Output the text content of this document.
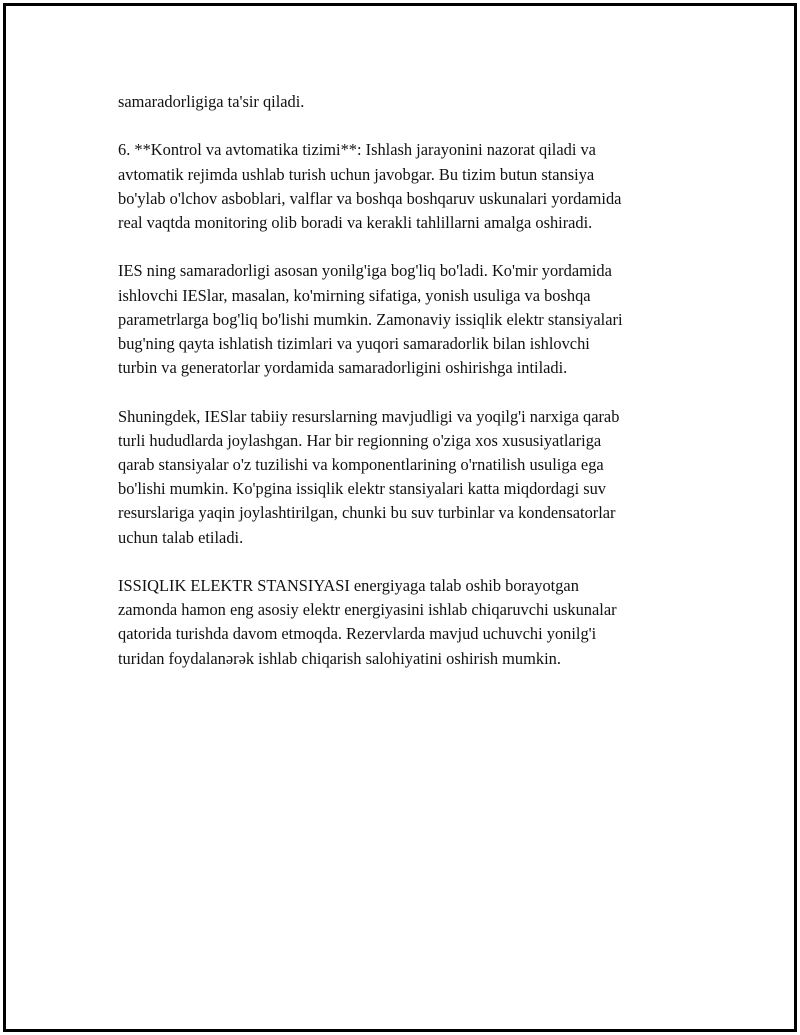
samaradorligiga ta'sir qiladi.

6. **Kontrol va avtomatika tizimi**: Ishlash jarayonini nazorat qiladi va
avtomatik rejimda ushlab turish uchun javobgar. Bu tizim butun stansiya
bo'ylab o'lchov asboblari, valflar va boshqa boshqaruv uskunalari yordamida
real vaqtda monitoring olib boradi va kerakli tahlillarni amalga oshiradi.

IES ning samaradorligi asosan yonilg'iga bog'liq bo'ladi. Ko'mir yordamida
ishlovchi IESlar, masalan, ko'mirning sifatiga, yonish usuliga va boshqa
parametrlarga bog'liq bo'lishi mumkin. Zamonaviy issiqlik elektr stansiyalari
bug'ning qayta ishlatish tizimlari va yuqori samaradorlik bilan ishlovchi
turbin va generatorlar yordamida samaradorligini oshirishga intiladi.

Shuningdek, IESlar tabiiy resurslarning mavjudligi va yoqilg'i narxiga qarab
turli hududlarda joylashgan. Har bir regionning o'ziga xos xususiyatlariga
qarab stansiyalar o'z tuzilishi va komponentlarining o'rnatilish usuliga ega
bo'lishi mumkin. Ko'pgina issiqlik elektr stansiyalari katta miqdordagi suv
resurslariga yaqin joylashtirilgan, chunki bu suv turbinlar va kondensatorlar
uchun talab etiladi.

ISSIQLIK ELEKTR STANSIYASI energiyaga talab oshib borayotgan
zamonda hamon eng asosiy elektr energiyasini ishlab chiqaruvchi uskunalar
qatorida turishda davom etmoqda. Rezervlarda mavjud uchuvchi yonilg'i
turidan foydalanərək ishlab chiqarish salohiyatini oshirish mumkin.
